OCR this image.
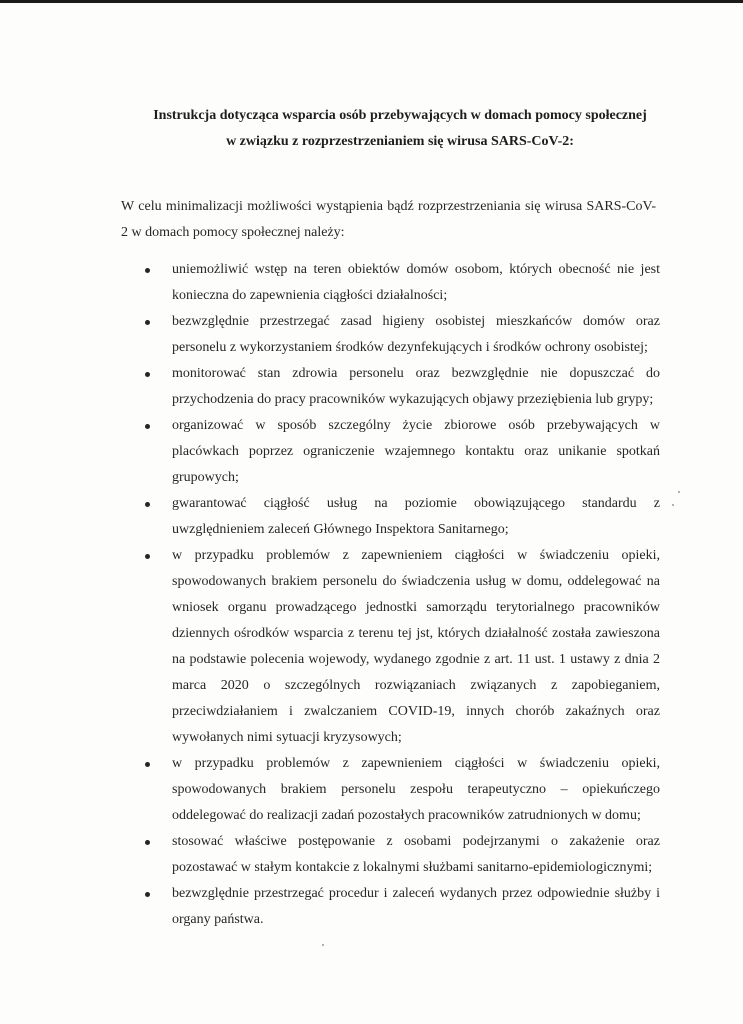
Instrukcja dotycząca wsparcia osób przebywających w domach pomocy społecznej
w związku z rozprzestrzenianiem się wirusa SARS-CoV-2:
W celu minimalizacji możliwości wystąpienia bądź rozprzestrzeniania się wirusa SARS-CoV-
2 w domach pomocy społecznej należy:
uniemożliwić wstęp na teren obiektów domów osobom, których obecność nie jest konieczna do zapewnienia ciągłości działalności;
bezwzględnie przestrzegać zasad higieny osobistej mieszkańców domów oraz personelu z wykorzystaniem środków dezynfekujących i środków ochrony osobistej;
monitorować stan zdrowia personelu oraz bezwzględnie nie dopuszczać do przychodzenia do pracy pracowników wykazujących objawy przeziębienia lub grypy;
organizować w sposób szczególny życie zbiorowe osób przebywających w placówkach poprzez ograniczenie wzajemnego kontaktu oraz unikanie spotkań grupowych;
gwarantować ciągłość usług na poziomie obowiązującego standardu z uwzględnieniem zaleceń Głównego Inspektora Sanitarnego;
w przypadku problemów z zapewnieniem ciągłości w świadczeniu opieki, spowodowanych brakiem personelu do świadczenia usług w domu, oddelegować na wniosek organu prowadzącego jednostki samorządu terytorialnego pracowników dziennych ośrodków wsparcia z terenu tej jst, których działalność została zawieszona na podstawie polecenia wojewody, wydanego zgodnie z art. 11 ust. 1 ustawy z dnia 2 marca 2020 o szczególnych rozwiązaniach związanych z zapobieganiem, przeciwdziałaniem i zwalczaniem COVID-19, innych chorób zakaźnych oraz wywołanych nimi sytuacji kryzysowych;
w przypadku problemów z zapewnieniem ciągłości w świadczeniu opieki, spowodowanych brakiem personelu zespołu terapeutyczno – opiekuńczego oddelegować do realizacji zadań pozostałych pracowników zatrudnionych w domu;
stosować właściwe postępowanie z osobami podejrzanymi o zakażenie oraz pozostawać w stałym kontakcie z lokalnymi służbami sanitarno-epidemiologicznymi;
bezwzględnie przestrzegać procedur i zaleceń wydanych przez odpowiednie służby i organy państwa.
